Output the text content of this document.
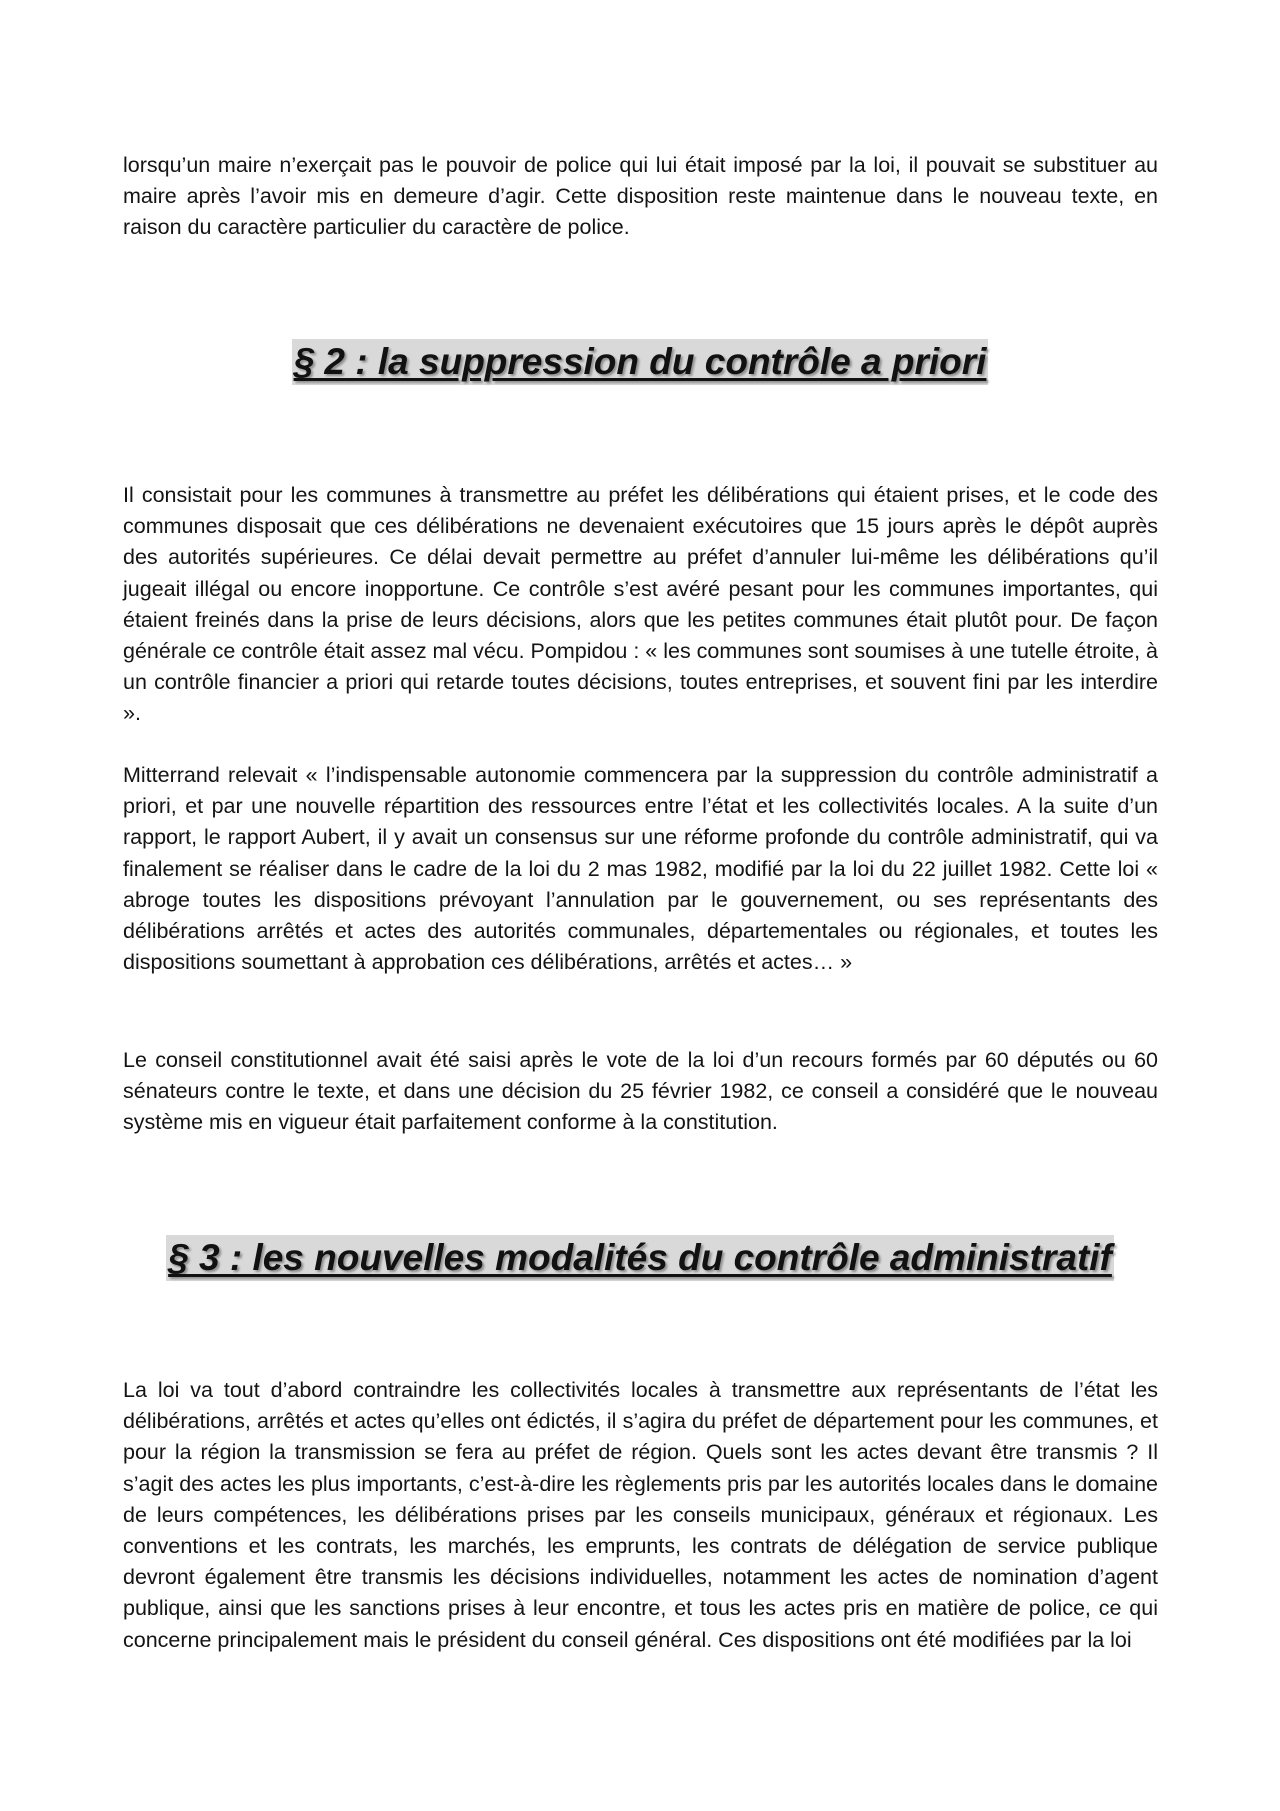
lorsqu’un maire n’exerçait pas le pouvoir de police qui lui était imposé par la loi, il pouvait se substituer au maire après l’avoir mis en demeure d’agir. Cette disposition reste maintenue dans le nouveau texte, en raison du caractère particulier du caractère de police.

§ 2 : la suppression du contrôle a priori

Il consistait pour les communes à transmettre au préfet les délibérations qui étaient prises, et le code des communes disposait que ces délibérations ne devenaient exécutoires que 15 jours après le dépôt auprès des autorités supérieures. Ce délai devait permettre au préfet d’annuler lui-même les délibérations qu’il jugeait illégal ou encore inopportune. Ce contrôle s’est avéré pesant pour les communes importantes, qui étaient freinés dans la prise de leurs décisions, alors que les petites communes était plutôt pour. De façon générale ce contrôle était assez mal vécu. Pompidou : « les communes sont soumises à une tutelle étroite, à un contrôle financier a priori qui retarde toutes décisions, toutes entreprises, et souvent fini par les interdire ».

Mitterrand relevait « l’indispensable autonomie commencera par la suppression du contrôle administratif a priori, et par une nouvelle répartition des ressources entre l’état et les collectivités locales. A la suite d’un rapport, le rapport Aubert, il y avait un consensus sur une réforme profonde du contrôle administratif, qui va finalement se réaliser dans le cadre de la loi du 2 mas 1982, modifié par la loi du 22 juillet 1982. Cette loi « abroge toutes les dispositions prévoyant l’annulation par le gouvernement, ou ses représentants des délibérations arrêtés et actes des autorités communales, départementales ou régionales, et toutes les dispositions soumettant à approbation ces délibérations, arrêtés et actes… »

Le conseil constitutionnel avait été saisi après le vote de la loi d’un recours formés par 60 députés ou 60 sénateurs contre le texte, et dans une décision du 25 février 1982, ce conseil a considéré que le nouveau système mis en vigueur était parfaitement conforme à la constitution.

§ 3 : les nouvelles modalités du contrôle administratif

La loi va tout d’abord contraindre les collectivités locales à transmettre aux représentants de l’état les délibérations, arrêtés et actes qu’elles ont édictés, il s’agira du préfet de département pour les communes, et pour la région la transmission se fera au préfet de région. Quels sont les actes devant être transmis ? Il s’agit des actes les plus importants, c’est-à-dire les règlements pris par les autorités locales dans le domaine de leurs compétences, les délibérations prises par les conseils municipaux, généraux et régionaux. Les conventions et les contrats, les marchés, les emprunts, les contrats de délégation de service publique devront également être transmis les décisions individuelles, notamment les actes de nomination d’agent publique, ainsi que les sanctions prises à leur encontre, et tous les actes pris en matière de police, ce qui concerne principalement mais le président du conseil général. Ces dispositions ont été modifiées par la loi
